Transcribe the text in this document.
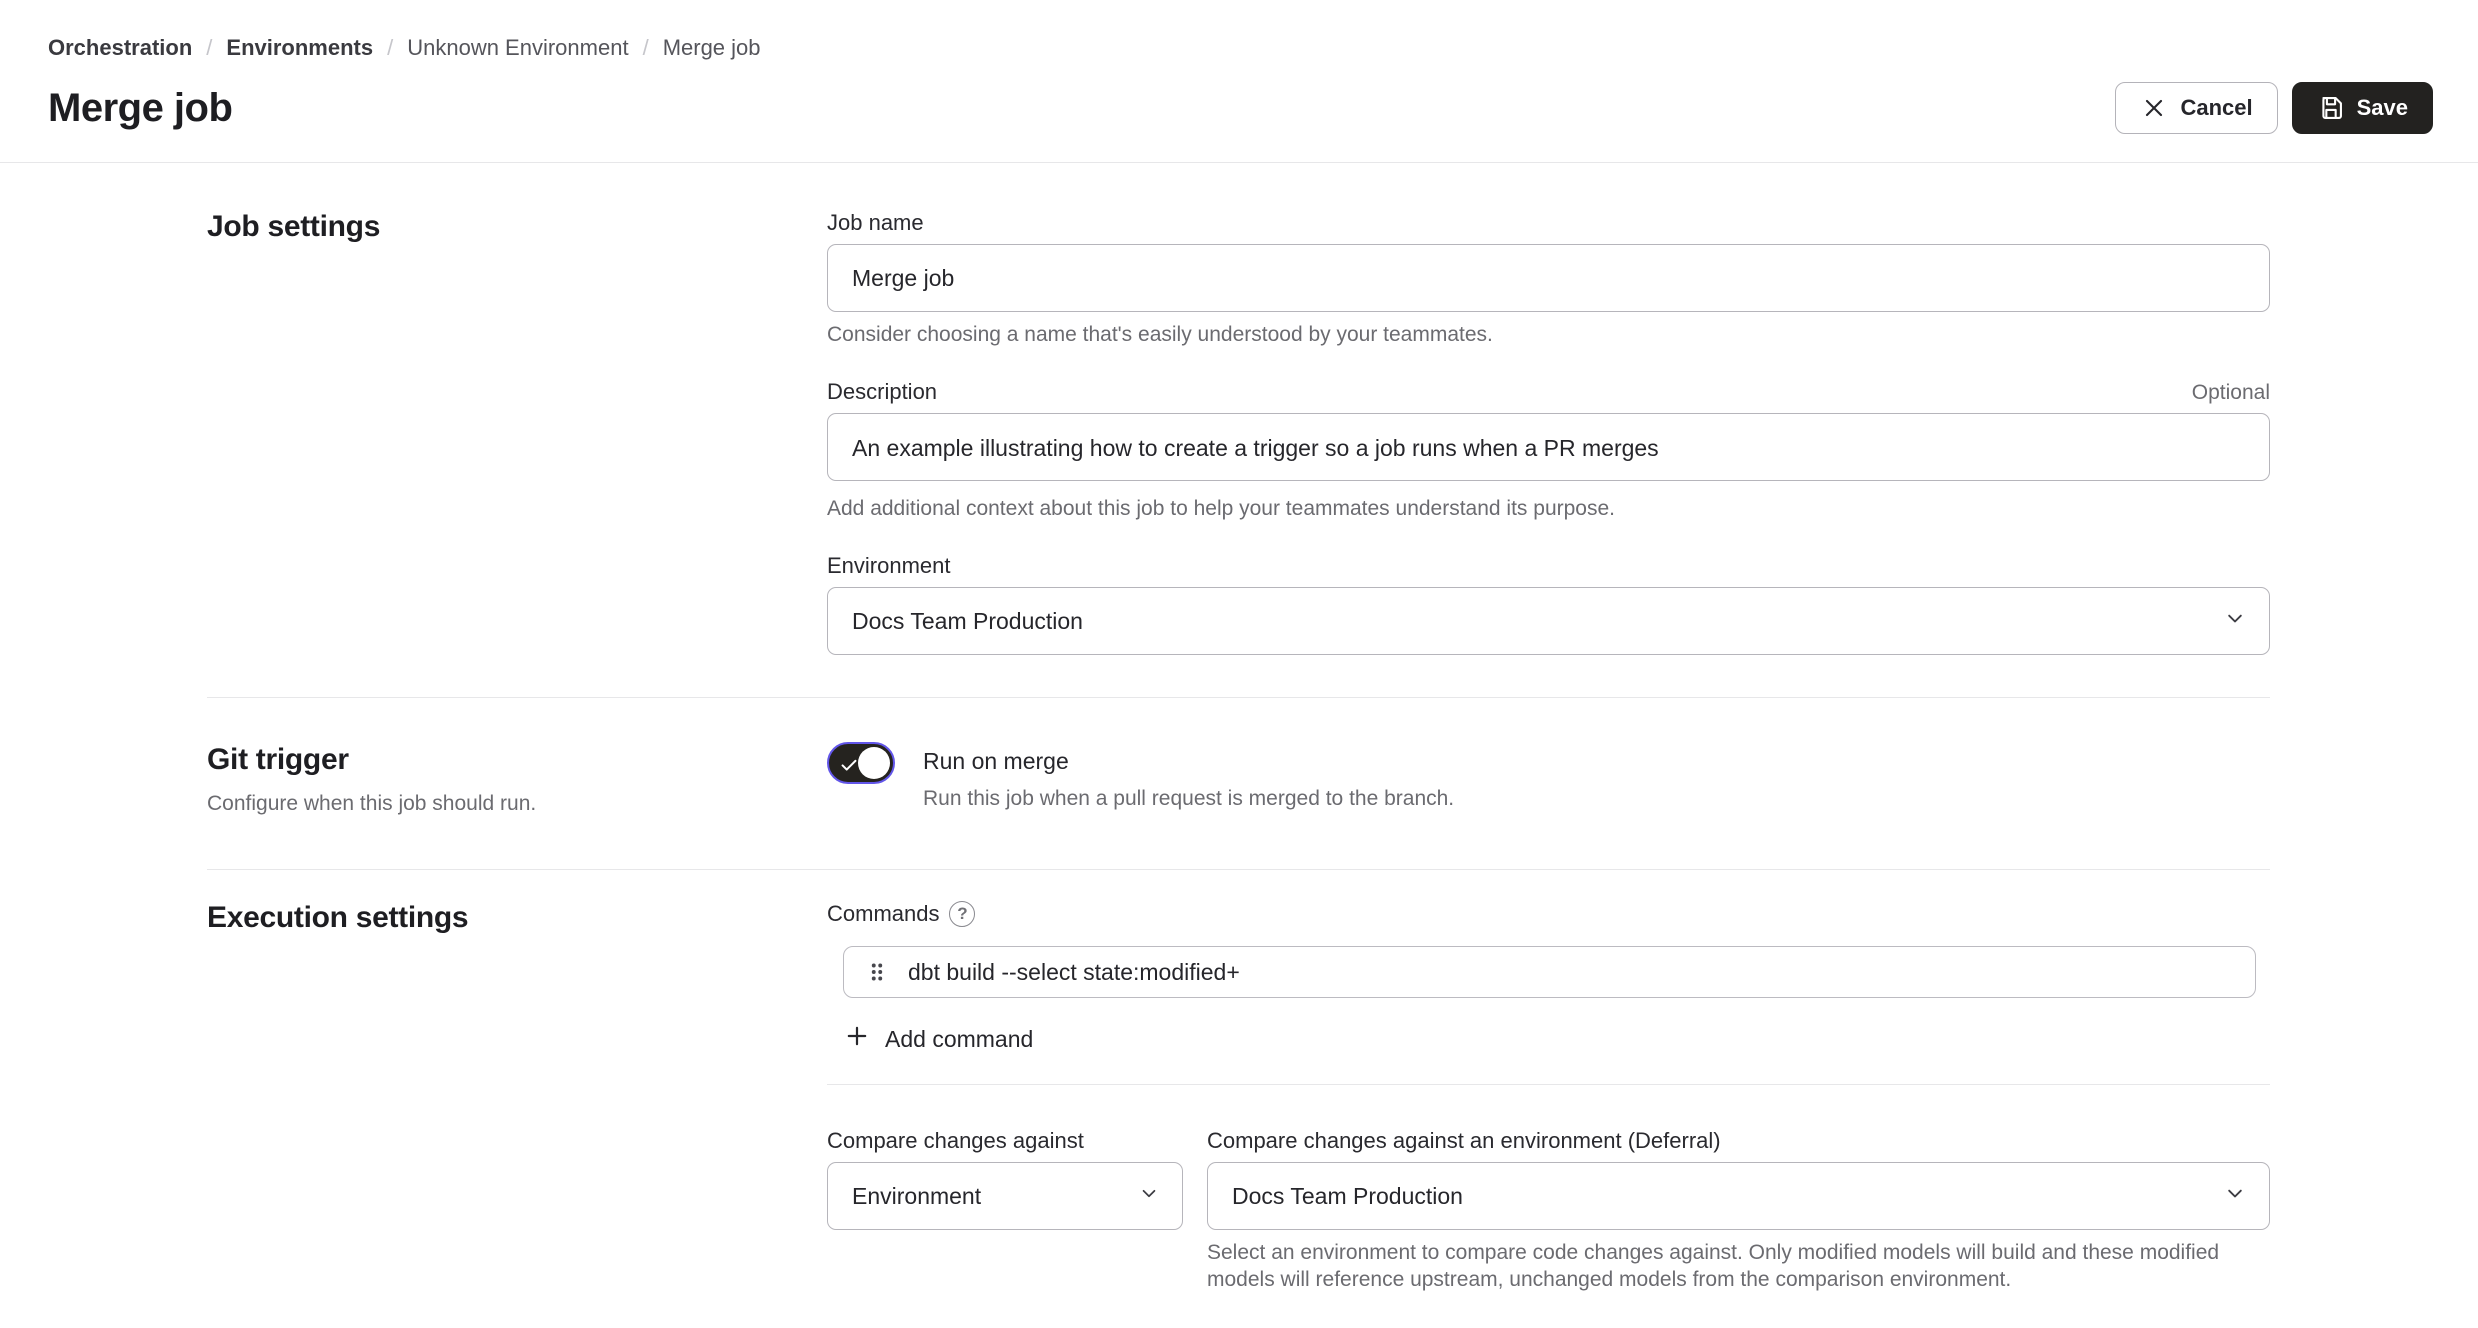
Orchestration / Environments / Unknown Environment / Merge job
Merge job	Cancel	Save
Job settings	Job name
Merge job
Consider choosing a name that's easily understood by your teammates.
Description	Optional
An example illustrating how to create a trigger so a job runs when a PR merges
Add additional context about this job to help your teammates understand its purpose.
Environment
Docs Team Production
Git trigger
Configure when this job should run.
Run on merge
Run this job when a pull request is merged to the branch.
Execution settings	Commands	?
dbt build --select state:modified+
Add command
Compare changes against
Environment
Compare changes against an environment (Deferral)
Docs Team Production
Select an environment to compare code changes against. Only modified models will build and these modified models will reference upstream, unchanged models from the comparison environment.
